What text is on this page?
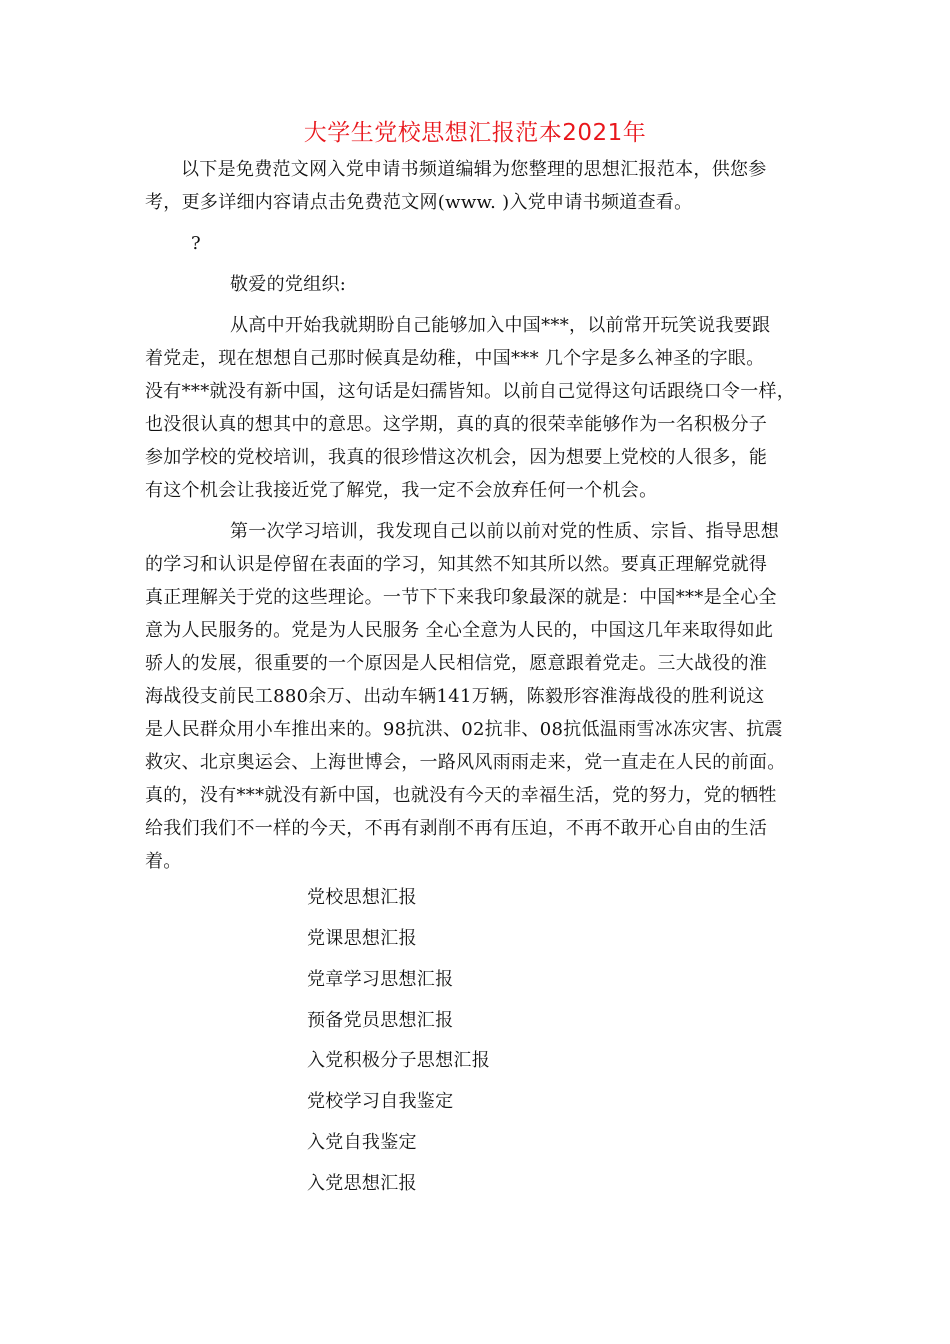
大学生党校思想汇报范本2021年
以下是免费范文网入党申请书频道编辑为您整理的思想汇报范本，供您参
考，更多详细内容请点击免费范文网(www. )入党申请书频道查看。
?
敬爱的党组织:
从高中开始我就期盼自己能够加入中国***，以前常开玩笑说我要跟
着党走，现在想想自己那时候真是幼稚，中国*** 几个字是多么神圣的字眼。
没有***就没有新中国，这句话是妇孺皆知。以前自己觉得这句话跟绕口令一样，
也没很认真的想其中的意思。这学期，真的真的很荣幸能够作为一名积极分子
参加学校的党校培训，我真的很珍惜这次机会，因为想要上党校的人很多，能
有这个机会让我接近党了解党，我一定不会放弃任何一个机会。
第一次学习培训，我发现自己以前以前对党的性质、宗旨、指导思想
的学习和认识是停留在表面的学习，知其然不知其所以然。要真正理解党就得
真正理解关于党的这些理论。一节下下来我印象最深的就是：中国***是全心全
意为人民服务的。党是为人民服务 全心全意为人民的，中国这几年来取得如此
骄人的发展，很重要的一个原因是人民相信党，愿意跟着党走。三大战役的淮
海战役支前民工880余万、出动车辆141万辆，陈毅形容淮海战役的胜利说这
是人民群众用小车推出来的。98抗洪、02抗非、08抗低温雨雪冰冻灾害、抗震
救灾、北京奥运会、上海世博会，一路风风雨雨走来，党一直走在人民的前面。
真的，没有***就没有新中国，也就没有今天的幸福生活，党的努力，党的牺牲
给我们我们不一样的今天，不再有剥削不再有压迫，不再不敢开心自由的生活
着。
党校思想汇报
党课思想汇报
党章学习思想汇报
预备党员思想汇报
入党积极分子思想汇报
党校学习自我鉴定
入党自我鉴定
入党思想汇报
